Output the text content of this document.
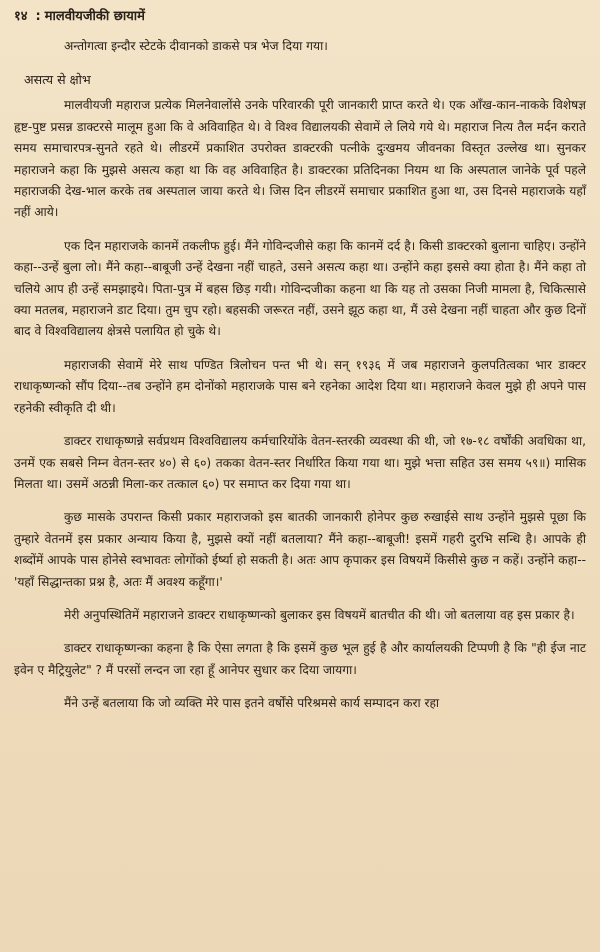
१४ : मालवीयजीकी छायामें

अन्तोगत्वा इन्दौर स्टेटके दीवानको डाकसे पत्र भेज दिया गया।

असत्य से क्षोभ

मालवीयजी महाराज प्रत्येक मिलनेवालोंसे उनके परिवारकी पूरी जानकारी प्राप्त करते थे। एक आँख-कान-नाकके विशेषज्ञ हृष्ट-पुष्ट प्रसन्न डाक्टरसे मालूम हुआ कि वे अविवाहित थे। वे विश्व विद्यालयकी सेवामें ले लिये गये थे। महाराज नित्य तैल मर्दन कराते समय समाचारपत्र-सुनते रहते थे। लीडरमें प्रकाशित उपरोक्त डाक्टरकी पत्नीके दुःखमय जीवनका विस्तृत उल्लेख था। सुनकर महाराजने कहा कि मुझसे असत्य कहा था कि वह अविवाहित है। डाक्टरका प्रतिदिनका नियम था कि अस्पताल जानेके पूर्व पहले महाराजकी देख-भाल करके तब अस्पताल जाया करते थे। जिस दिन लीडरमें समाचार प्रकाशित हुआ था, उस दिनसे महाराजके यहाँ नहीं आये।

एक दिन महाराजके कानमें तकलीफ हुई। मैंने गोविन्दजीसे कहा कि कानमें दर्द है। किसी डाक्टरको बुलाना चाहिए। उन्होंने कहा--उन्हें बुला लो। मैंने कहा--बाबूजी उन्हें देखना नहीं चाहते, उसने असत्य कहा था। उन्होंने कहा इससे क्या होता है। मैंने कहा तो चलिये आप ही उन्हें समझाइये। पिता-पुत्र में बहस छिड़ गयी। गोविन्दजीका कहना था कि यह तो उसका निजी मामला है, चिकित्सासे क्या मतलब, महाराजने डाट दिया। तुम चुप रहो। बहसकी जरूरत नहीं, उसने झूठ कहा था, मैं उसे देखना नहीं चाहता और कुछ दिनों बाद वे विश्वविद्यालय क्षेत्रसे पलायित हो चुके थे।

महाराजकी सेवामें मेरे साथ पण्डित त्रिलोचन पन्त भी थे। सन् १९३६ में जब महाराजने कुलपतित्वका भार डाक्टर राधाकृष्णन्को सौंप दिया--तब उन्होंने हम दोनोंको महाराजके पास बने रहनेका आदेश दिया था। महाराजने केवल मुझे ही अपने पास रहनेकी स्वीकृति दी थी।

डाक्टर राधाकृष्णन्ने सर्वप्रथम विश्वविद्यालय कर्मचारियोंके वेतन-स्तरकी व्यवस्था की थी, जो १७-१८ वर्षोंकी अवधिका था, उनमें एक सबसे निम्न वेतन-स्तर ४०) से ६०) तकका वेतन-स्तर निर्धारित किया गया था। मुझे भत्ता सहित उस समय ५९॥) मासिक मिलता था। उसमें अठन्नी मिला-कर तत्काल ६०) पर समाप्त कर दिया गया था।

कुछ मासके उपरान्त किसी प्रकार महाराजको इस बातकी जानकारी होनेपर कुछ रुखाईसे साथ उन्होंने मुझसे पूछा कि तुम्हारे वेतनमें इस प्रकार अन्याय किया है, मुझसे क्यों नहीं बतलाया? मैंने कहा--बाबूजी! इसमें गहरी दुरभि सन्धि है। आपके ही शब्दोंमें आपके पास होनेसे स्वभावतः लोगोंको ईर्ष्या हो सकती है। अतः आप कृपाकर इस विषयमें किसीसे कुछ न कहें। उन्होंने कहा--'यहाँ सिद्धान्तका प्रश्न है, अतः मैं अवश्य कहूँगा।'

मेरी अनुपस्थितिमें महाराजने डाक्टर राधाकृष्णन्को बुलाकर इस विषयमें बातचीत की थी। जो बतलाया वह इस प्रकार है।

डाक्टर राधाकृष्णन्का कहना है कि ऐसा लगता है कि इसमें कुछ भूल हुई है और कार्यालयकी टिप्पणी है कि "ही ईज नाट इवेन ए मैट्रियुलेट" ? मैं परसों लन्दन जा रहा हूँ आनेपर सुधार कर दिया जायगा।

मैंने उन्हें बतलाया कि जो व्यक्ति मेरे पास इतने वर्षोंसे परिश्रमसे कार्य सम्पादन करा रहा
